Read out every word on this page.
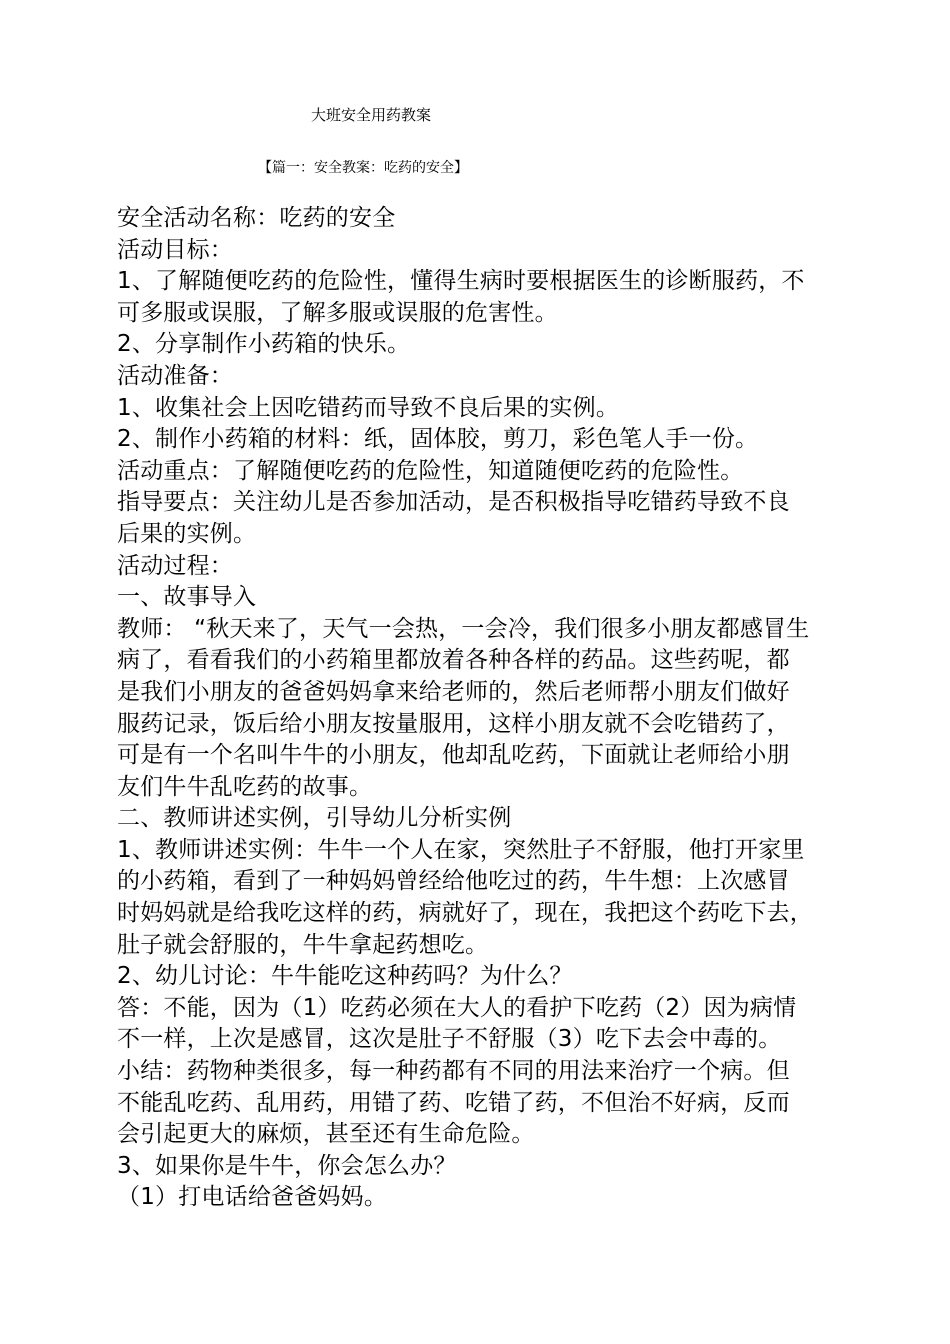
大班安全用药教案
【篇一：安全教案：吃药的安全】
安全活动名称：吃药的安全
活动目标：
1、了解随便吃药的危险性，懂得生病时要根据医生的诊断服药，不
可多服或误服，了解多服或误服的危害性。
2、分享制作小药箱的快乐。
活动准备：
1、收集社会上因吃错药而导致不良后果的实例。
2、制作小药箱的材料：纸，固体胶，剪刀，彩色笔人手一份。
活动重点：了解随便吃药的危险性，知道随便吃药的危险性。
指导要点：关注幼儿是否参加活动，是否积极指导吃错药导致不良
后果的实例。
活动过程：
一、故事导入
教师： “秋天来了，天气一会热，一会冷，我们很多小朋友都感冒生
病了，看看我们的小药箱里都放着各种各样的药品。这些药呢，都
是我们小朋友的爸爸妈妈拿来给老师的，然后老师帮小朋友们做好
服药记录，饭后给小朋友按量服用，这样小朋友就不会吃错药了，
可是有一个名叫牛牛的小朋友，他却乱吃药，下面就让老师给小朋
友们牛牛乱吃药的故事。
二、教师讲述实例，引导幼儿分析实例
1、教师讲述实例：牛牛一个人在家，突然肚子不舒服，他打开家里
的小药箱，看到了一种妈妈曾经给他吃过的药，牛牛想：上次感冒
时妈妈就是给我吃这样的药，病就好了，现在，我把这个药吃下去，
肚子就会舒服的，牛牛拿起药想吃。
2、幼儿讨论：牛牛能吃这种药吗？为什么？
答：不能，因为（1）吃药必须在大人的看护下吃药（2）因为病情
不一样，上次是感冒，这次是肚子不舒服（3）吃下去会中毒的。
小结：药物种类很多，每一种药都有不同的用法来治疗一个病。但
不能乱吃药、乱用药，用错了药、吃错了药，不但治不好病，反而
会引起更大的麻烦，甚至还有生命危险。
3、如果你是牛牛，你会怎么办？
（1）打电话给爸爸妈妈。
